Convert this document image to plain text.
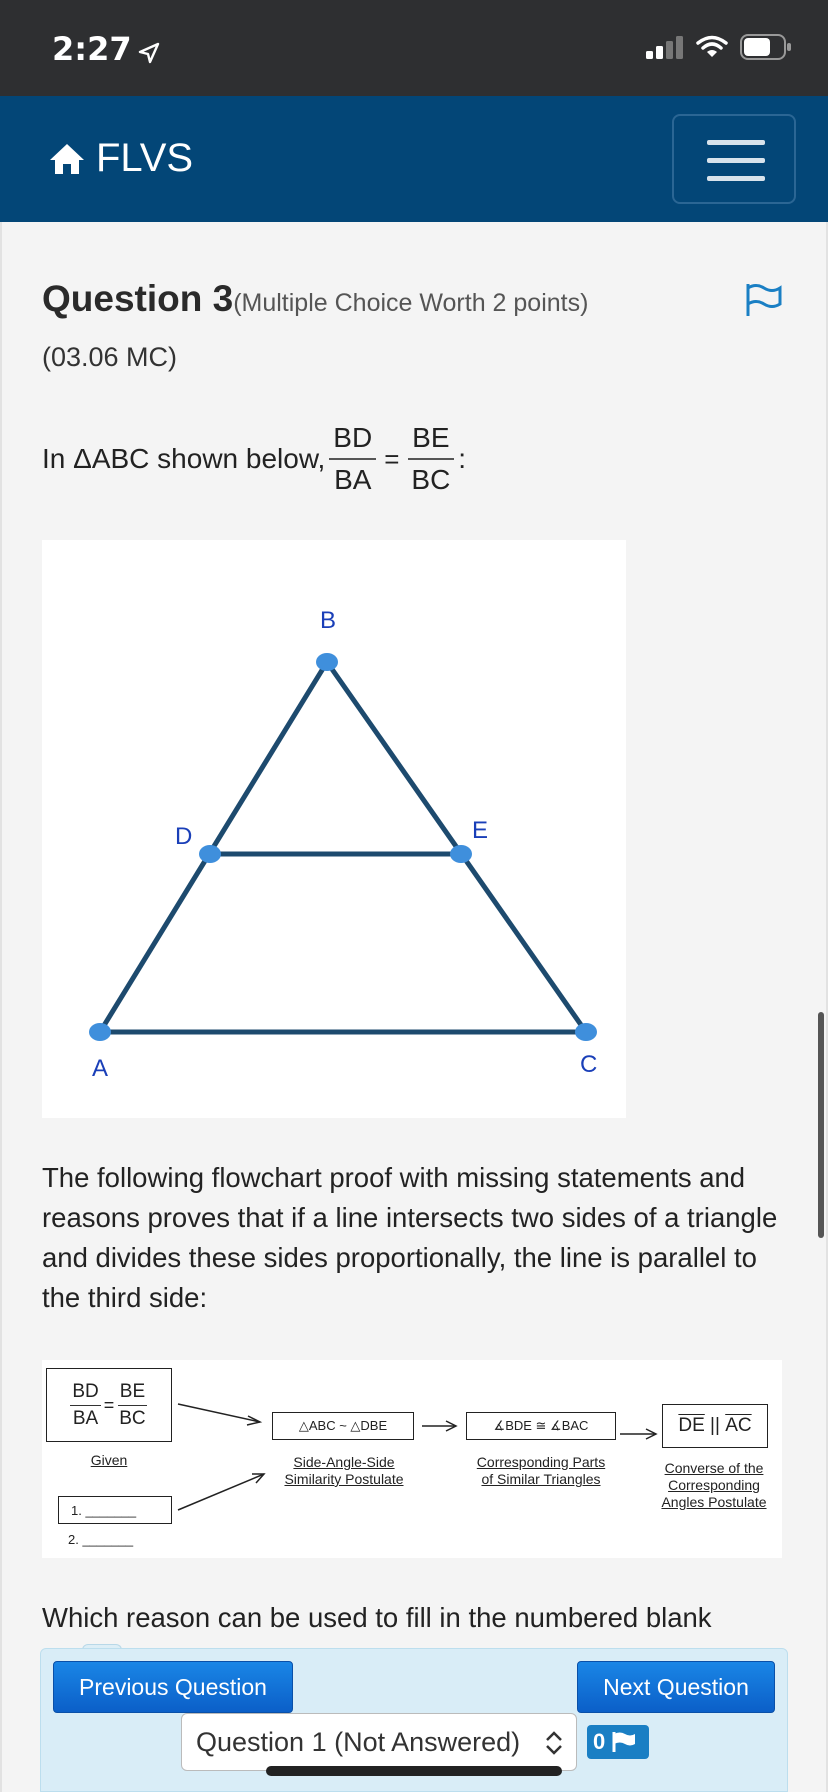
2:27
FLVS
Question 3(Multiple Choice Worth 2 points)
(03.06 MC)
In ΔABC shown below, $\frac{BD}{BA} = \frac{BE}{BC}$ :
B
D	E
A	C
The following flowchart proof with missing statements and reasons proves that if a line intersects two sides of a triangle and divides these sides proportionally, the line is parallel to the third side:
$\frac{BD}{BA} = \frac{BE}{BC}$
Given
1. _______
2. _______
△ABC ~ △DBE
Side-Angle-Side Similarity Postulate
∡BDE ≅ ∡BAC
Corresponding Parts of Similar Triangles
$\overline{DE}$ || $\overline{AC}$
Converse of the Corresponding Angles Postulate
Which reason can be used to fill in the numbered blank
Previous Question	Next Question
Question 1 (Not Answered)	0
